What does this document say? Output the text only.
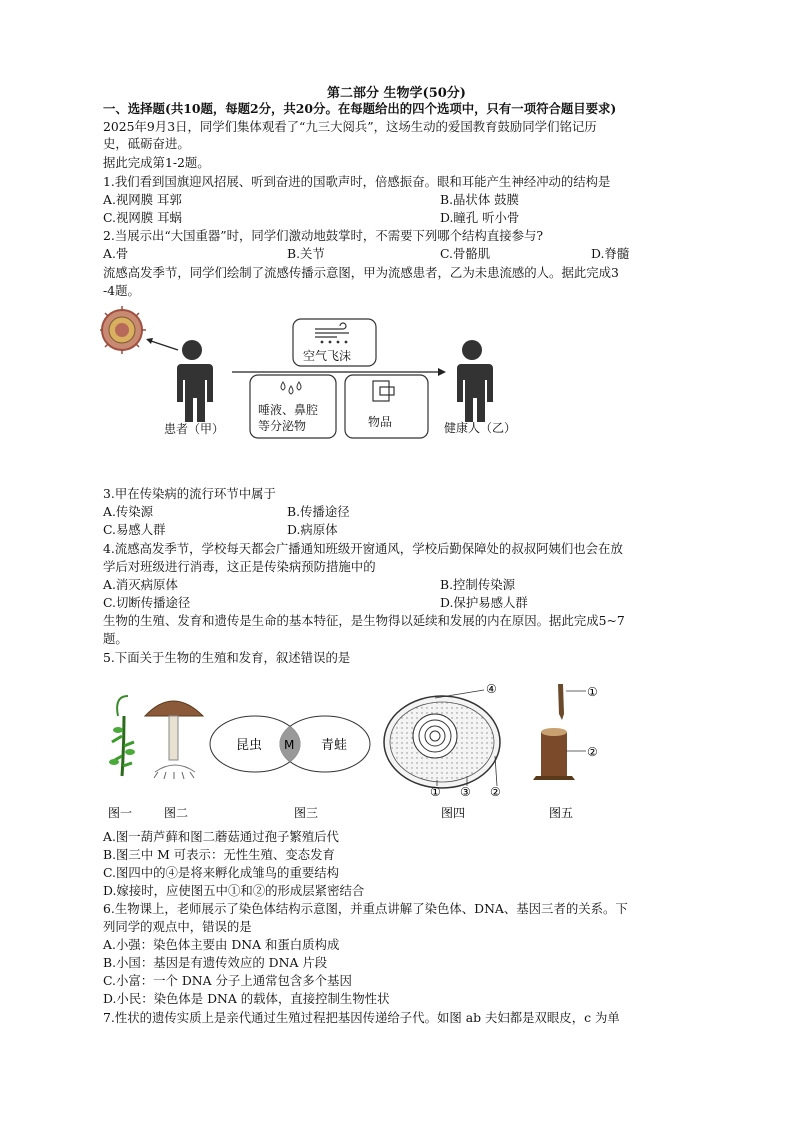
第二部分 生物学(50分)
一、选择题(共10题，每题2分，共20分。在每题给出的四个选项中，只有一项符合题目要求)
2025年9月3日，同学们集体观看了“九三大阅兵”，这场生动的爱国教育鼓励同学们铭记历
史，砥砺奋进。
据此完成第1-2题。
1.我们看到国旗迎风招展、听到奋进的国歌声时，倍感振奋。眼和耳能产生神经冲动的结构是
A.视网膜 耳郭	B.晶状体 鼓膜
C.视网膜 耳蜗	D.瞳孔 听小骨
2.当展示出“大国重器”时，同学们激动地鼓掌时，不需要下列哪个结构直接参与?
A.骨	B.关节	C.骨骼肌	D.脊髓
流感高发季节，同学们绘制了流感传播示意图，甲为流感患者，乙为未患流感的人。据此完成3
-4题。
患者（甲）
空气飞沫
唾液、鼻腔
等分泌物	物品	健康人（乙）
3.甲在传染病的流行环节中属于
A.传染源	B.传播途径
C.易感人群	D.病原体
4.流感高发季节，学校每天都会广播通知班级开窗通风，学校后勤保障处的叔叔阿姨们也会在放
学后对班级进行消毒，这正是传染病预防措施中的
A.消灭病原体	B.控制传染源
C.切断传播途径	D.保护易感人群
生物的生殖、发育和遗传是生命的基本特征，是生物得以延续和发展的内在原因。据此完成5~7
题。
5.下面关于生物的生殖和发育，叙述错误的是
昆虫 M 青蛙
④
① ③ ②
①
②
图一	图二	图三	图四	图五
A.图一葫芦藓和图二蘑菇通过孢子繁殖后代
B.图三中 M 可表示：无性生殖、变态发育
C.图四中的④是将来孵化成雏鸟的重要结构
D.嫁接时，应使图五中①和②的形成层紧密结合
6.生物课上，老师展示了染色体结构示意图，并重点讲解了染色体、DNA、基因三者的关系。下
列同学的观点中，错误的是
A.小强：染色体主要由 DNA 和蛋白质构成
B.小国：基因是有遗传效应的 DNA 片段
C.小富：一个 DNA 分子上通常包含多个基因
D.小民：染色体是 DNA 的载体，直接控制生物性状
7.性状的遗传实质上是亲代通过生殖过程把基因传递给子代。如图 ab 夫妇都是双眼皮，c 为单
